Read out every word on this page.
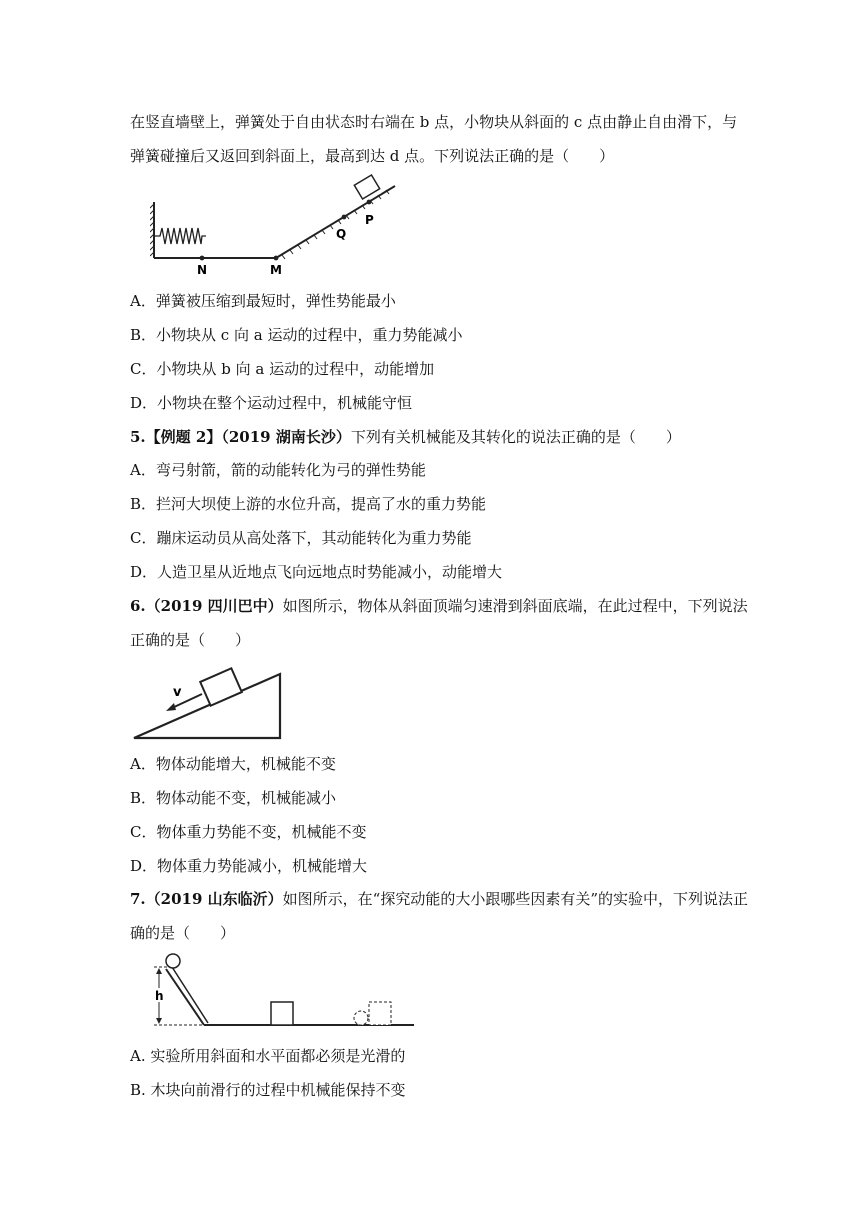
在竖直墙壁上，弹簧处于自由状态时右端在 b 点，小物块从斜面的 c 点由静止自由滑下，与
弹簧碰撞后又返回到斜面上，最高到达 d 点。下列说法正确的是（　　）
N	M
Q
P
A．弹簧被压缩到最短时，弹性势能最小
B．小物块从 c 向 a 运动的过程中，重力势能减小
C．小物块从 b 向 a 运动的过程中，动能增加
D．小物块在整个运动过程中，机械能守恒
5.【例题 2】（2019 湖南长沙）下列有关机械能及其转化的说法正确的是（　　）
A．弯弓射箭，箭的动能转化为弓的弹性势能
B．拦河大坝使上游的水位升高，提高了水的重力势能
C．蹦床运动员从高处落下，其动能转化为重力势能
D．人造卫星从近地点飞向远地点时势能减小，动能增大
6.（2019 四川巴中）如图所示，物体从斜面顶端匀速滑到斜面底端，在此过程中，下列说法
正确的是（　　）
v
A．物体动能增大，机械能不变
B．物体动能不变，机械能减小
C．物体重力势能不变，机械能不变
D．物体重力势能减小，机械能增大
7.（2019 山东临沂）如图所示，在“探究动能的大小跟哪些因素有关”的实验中，下列说法正
确的是（　　）
h
A. 实验所用斜面和水平面都必须是光滑的
B. 木块向前滑行的过程中机械能保持不变
